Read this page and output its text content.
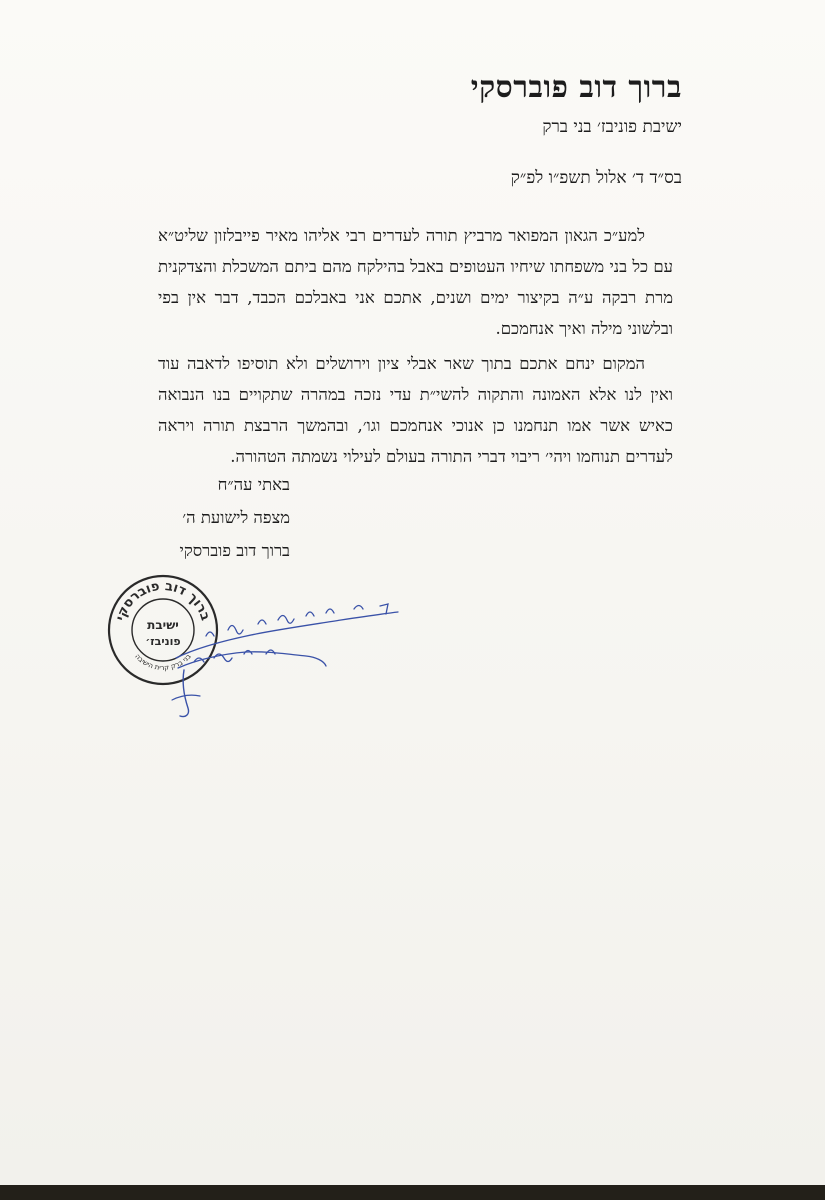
ברוך דוב פוברסקי
ישיבת פוניבז׳ בני ברק
בס״ד ד׳ אלול תשפ״ו לפ״ק

למע״כ הגאון המפואר מרביץ תורה לעדרים רבי אליהו מאיר פייבלזון שליט״א עם כל בני משפחתו שיחיו העטופים באבל בהילקח מהם ביתם המשכלת והצדקנית מרת רבקה ע״ה בקיצור ימים ושנים, אתכם אני באבלכם הכבד, דבר אין בפי ובלשוני מילה ואיך אנחמכם.

המקום ינחם אתכם בתוך שאר אבלי ציון וירושלים ולא תוסיפו לדאבה עוד ואין לנו אלא האמונה והתקוה להשי״ת עדי נזכה במהרה שתקויים בנו הנבואה כאיש אשר אמו תנחמנו כן אנוכי אנחמכם וגו׳, ובהמשך הרבצת תורה ויראה לעדרים תנוחמו ויהי׳ ריבוי דברי התורה בעולם לעילוי נשמתה הטהורה.

באתי עה״ח
מצפה לישועת ה׳
ברוך דוב פוברסקי
ברוך דוב פוברסקי
בני ברק קרית הישיבה
ישיבת
פוניבז׳
